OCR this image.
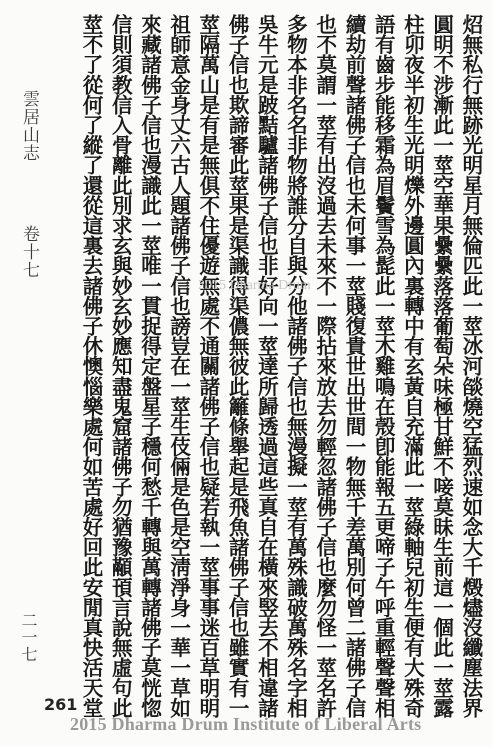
炤無私行無跡光明星月無倫匹此一莖冰河燄燒空猛烈速如念大千燬燼沒纖塵法界
圓明不涉漸此一莖空華果纍纍落落葡萄朵味極甘鮮不唼莫昧生前這一個此一莖露
柱卯夜半初生光明爍外邊圓內裏轉中有玄黃自充滿此一莖綠軸兒初生便有大殊奇
語有齒步能移霜為眉鬢雪為髭此一莖木雞鳴在殼卽能報五更啼子午呼重輕聲聲相
續劫前聲諸佛子信也未何事一莖賤復貴世出世間一物無千差萬別何曾二諸佛子信
也不莫謂一莖有出沒過去未來不一際拈來放去勿輕忽諸佛子信也麼勿怪一莖名許
多物本非名名非物將誰分自與分他諸佛子信也無漫擬一莖有萬殊識破萬殊名字相
吳牛元是跛黠驢諸佛子信也非好向一莖達所歸透過這些真自在橫來竪去不相違諸
佛子信也欺諦審此莖果是渠識得渠儂無彼此籬條舉起是飛魚諸佛子信也雖實有一
莖隔萬山是有是無俱不住優遊無處不通關諸佛子信也疑若執一莖事事迷百草明明
祖師意金身丈六古人題諸佛子信也謗豈在一莖生伎倆是色是空淸淨身一華一草如
來藏諸佛子信也漫識此一莖唯一貫捉得定盤星子穩何愁千轉與萬轉諸佛子莫恍惚
信則須教信入骨離此別求玄與妙玄妙應知盡鬼窟諸佛子勿猶豫顢頇言說無虛句此
莖不了從何了縱了還從這裏去諸佛子休懊惱樂處何如苦處好回此安閒真快活天堂
雲居山志 卷十七
二一七
2015 Dharma Drum
261
2015 Dharma Drum Institute of Liberal Arts
